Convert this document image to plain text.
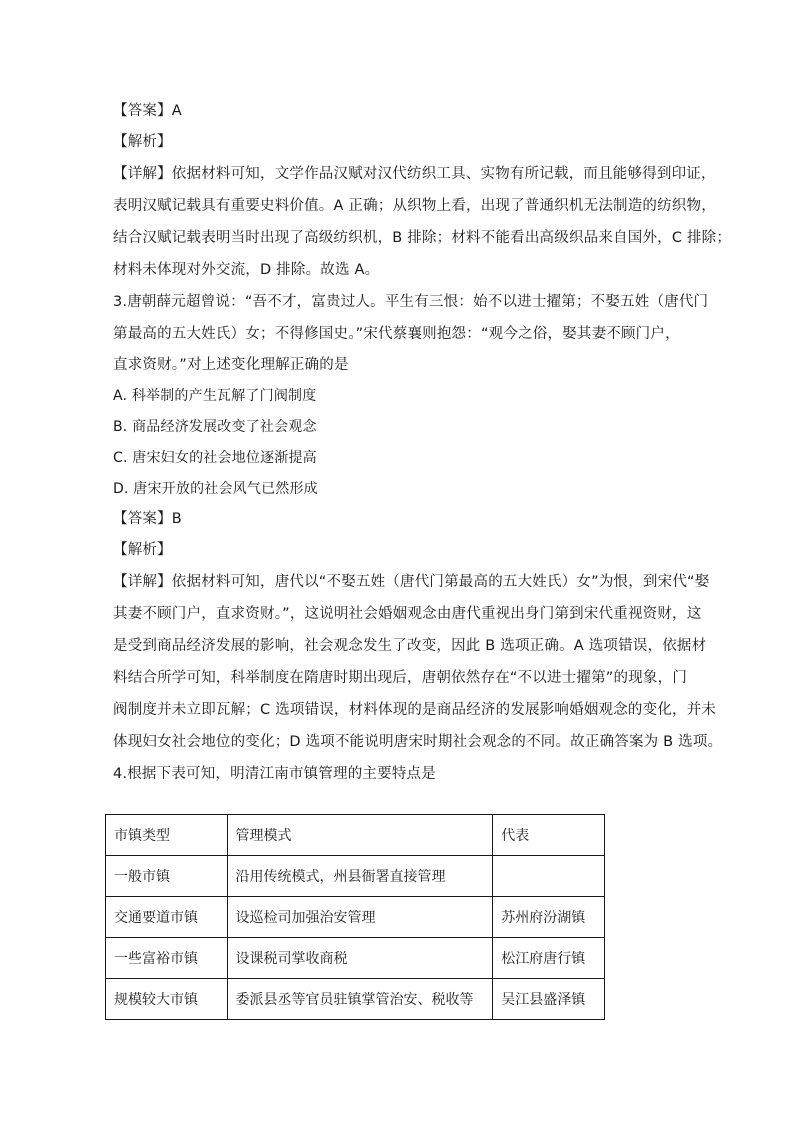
【答案】A
【解析】
【详解】依据材料可知，文学作品汉赋对汉代纺织工具、实物有所记载，而且能够得到印证，
表明汉赋记载具有重要史料价值。A 正确；从织物上看，出现了普通织机无法制造的纺织物，
结合汉赋记载表明当时出现了高级纺织机，B 排除；材料不能看出高级织品来自国外，C 排除；
材料未体现对外交流，D 排除。故选 A。
3.唐朝薛元超曾说：“吾不才，富贵过人。平生有三恨：始不以进士擢第；不娶五姓（唐代门
第最高的五大姓氏）女；不得修国史。”宋代蔡襄则抱怨：“观今之俗，娶其妻不顾门户，
直求资财。”对上述变化理解正确的是
A. 科举制的产生瓦解了门阀制度
B. 商品经济发展改变了社会观念
C. 唐宋妇女的社会地位逐渐提高
D. 唐宋开放的社会风气已然形成
【答案】B
【解析】
【详解】依据材料可知，唐代以“不娶五姓（唐代门第最高的五大姓氏）女”为恨，到宋代“娶
其妻不顾门户，直求资财。”，这说明社会婚姻观念由唐代重视出身门第到宋代重视资财，这
是受到商品经济发展的影响，社会观念发生了改变，因此 B 选项正确。A 选项错误，依据材
料结合所学可知，科举制度在隋唐时期出现后，唐朝依然存在“不以进士擢第”的现象，门
阀制度并未立即瓦解；C 选项错误，材料体现的是商品经济的发展影响婚姻观念的变化，并未
体现妇女社会地位的变化；D 选项不能说明唐宋时期社会观念的不同。故正确答案为 B 选项。
4.根据下表可知，明清江南市镇管理的主要特点是
市镇类型	管理模式	代表
一般市镇	沿用传统模式，州县衙署直接管理	
交通要道市镇	设巡检司加强治安管理	苏州府汾湖镇
一些富裕市镇	设课税司掌收商税	松江府唐行镇
规模较大市镇	委派县丞等官员驻镇掌管治安、税收等	吴江县盛泽镇
